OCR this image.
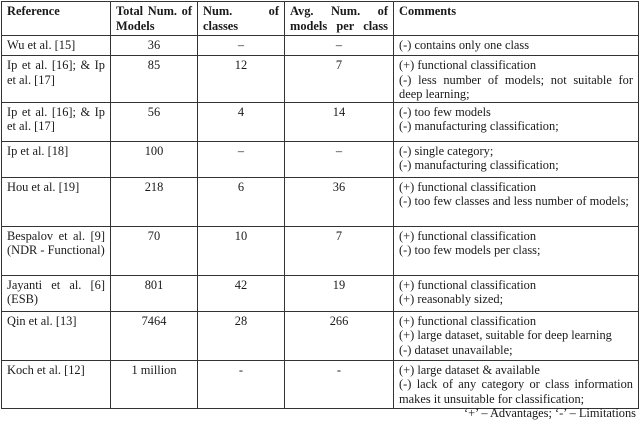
Reference	Total Num. of Models	Num. of classes	Avg. Num. of models per class	Comments
Wu et al. [15]	36	–	–	(-) contains only one class

Ip et al. [16]; & Ip et al. [17]	85	12	7	(+) functional classification
(-) less number of models; not suitable for deep learning;

Ip et al. [16]; & Ip et al. [17]	56	4	14	(-) too few models
(-) manufacturing classification;

Ip et al. [18]	100	–	–	(-) single category;
(-) manufacturing classification;

Hou et al. [19]	218	6	36	(+) functional classification
(-) too few classes and less number of models;

Bespalov et al. [9] (NDR - Functional)	70	10	7	(+) functional classification
(-) too few models per class;

Jayanti et al. [6] (ESB)	801	42	19	(+) functional classification
(+) reasonably sized;

Qin et al. [13]	7464	28	266	(+) functional classification
(+) large dataset, suitable for deep learning
(-) dataset unavailable;

Koch et al. [12]	1 million	-	-	(+) large dataset & available
(-) lack of any category or class information makes it unsuitable for classification;
‘+’ – Advantages; ‘-’ – Limitations
